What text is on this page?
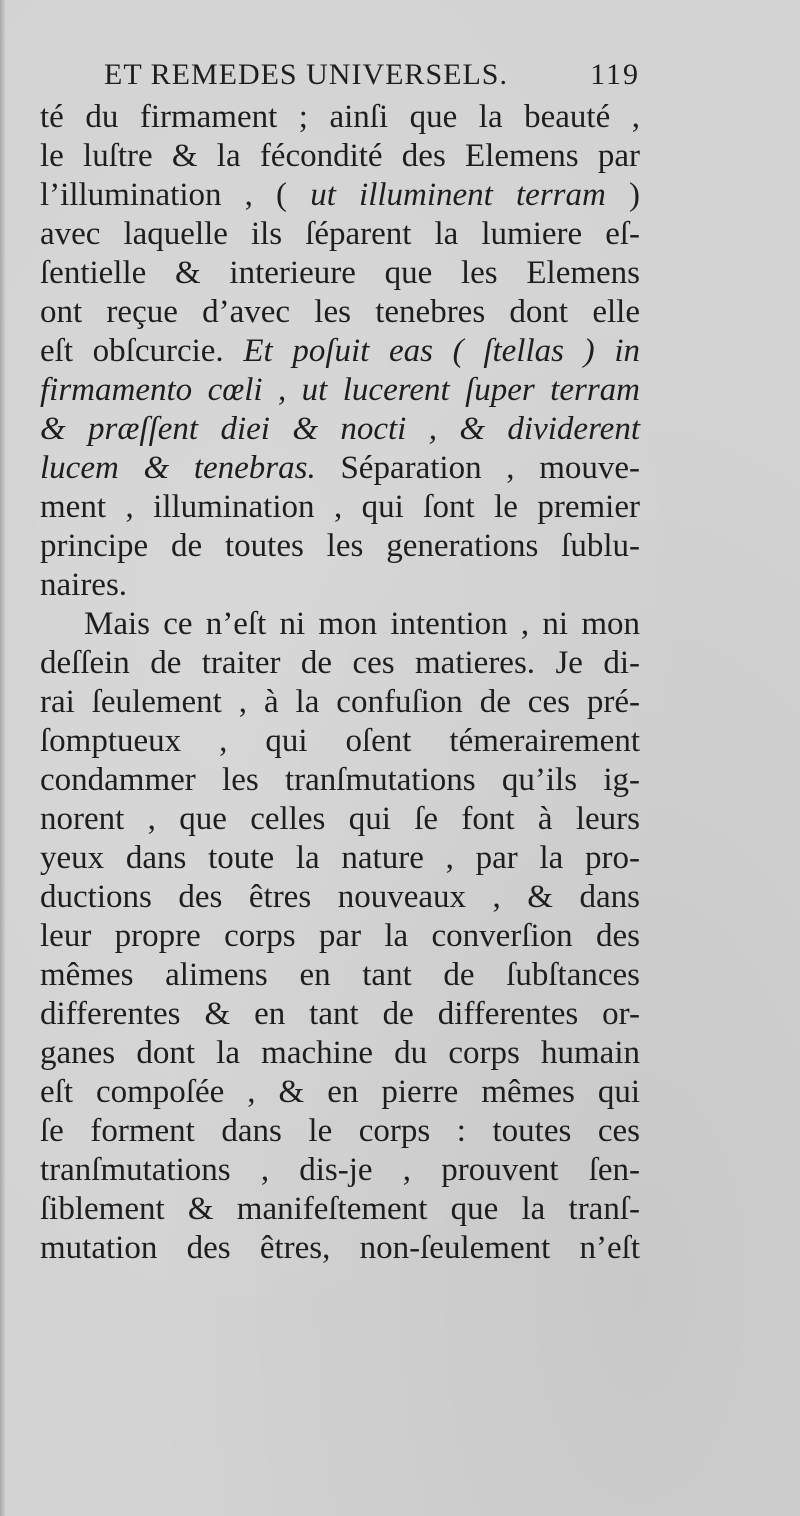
ET REMEDES UNIVERSELS.	119
té du firmament ; ainſi que la beauté ,
le luſtre & la fécondité des Elemens par
l’illumination , ( ut illuminent terram )
avec laquelle ils ſéparent la lumiere eſ-
ſentielle & interieure que les Elemens
ont reçue d’avec les tenebres dont elle
eſt obſcurcie. Et poſuit eas ( ſtellas ) in
firmamento cœli , ut lucerent ſuper terram
& præſſent diei & nocti , & dividerent
lucem & tenebras. Séparation , mouve-
ment , illumination , qui ſont le premier
principe de toutes les generations ſublu-
naires.
Mais ce n’eſt ni mon intention , ni mon
deſſein de traiter de ces matieres. Je di-
rai ſeulement , à la confuſion de ces pré-
ſomptueux , qui oſent témerairement
condammer les tranſmutations qu’ils ig-
norent , que celles qui ſe font à leurs
yeux dans toute la nature , par la pro-
ductions des êtres nouveaux , & dans
leur propre corps par la converſion des
mêmes alimens en tant de ſubſtances
differentes & en tant de differentes or-
ganes dont la machine du corps humain
eſt compoſée , & en pierre mêmes qui
ſe forment dans le corps : toutes ces
tranſmutations , dis-je , prouvent ſen-
ſiblement & manifeſtement que la tranſ-
mutation des êtres, non-ſeulement n’eſt
